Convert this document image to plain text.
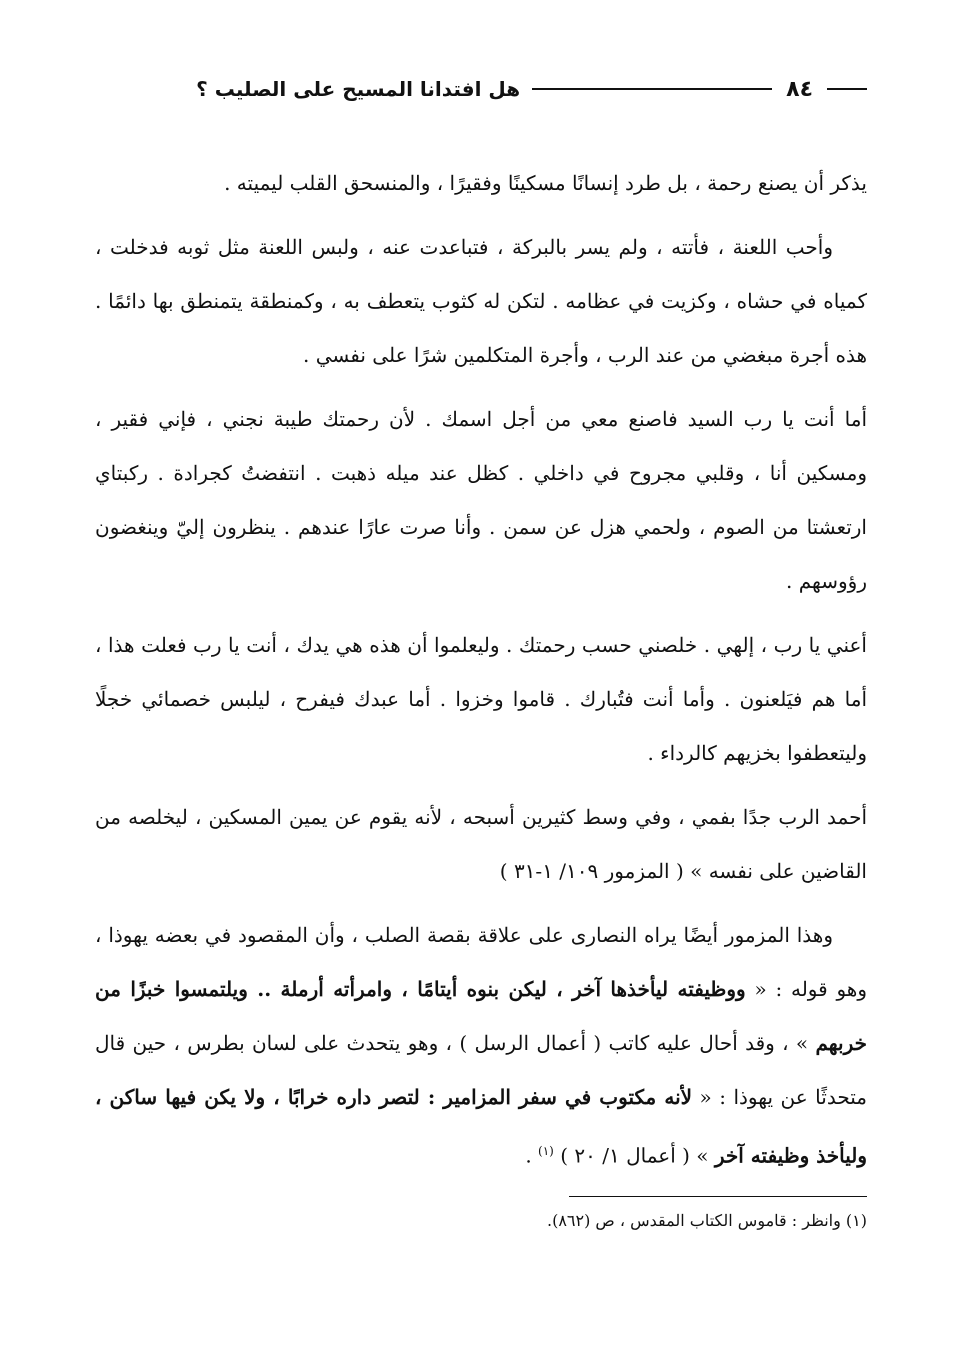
٨٤
هل افتدانا المسيح على الصليب ؟

يذكر أن يصنع رحمة ، بل طرد إنسانًا مسكينًا وفقيرًا ، والمنسحق القلب ليميته .

وأحب اللعنة ، فأتته ، ولم يسر بالبركة ، فتباعدت عنه ، ولبس اللعنة مثل ثوبه فدخلت ، كمياه في حشاه ، وكزيت في عظامه . لتكن له كثوب يتعطف به ، وكمنطقة يتمنطق بها دائمًا . هذه أجرة مبغضي من عند الرب ، وأجرة المتكلمين شرًا على نفسي .

أما أنت يا رب السيد فاصنع معي من أجل اسمك . لأن رحمتك طيبة نجني ، فإني فقير ، ومسكين أنا ، وقلبي مجروح في داخلي . كظل عند ميله ذهبت . انتفضتُ كجرادة . ركبتاي ارتعشتا من الصوم ، ولحمي هزل عن سمن . وأنا صرت عارًا عندهم . ينظرون إليّ وينغضون رؤوسهم .

أعني يا رب ، إلهي . خلصني حسب رحمتك . وليعلموا أن هذه هي يدك ، أنت يا رب فعلت هذا ، أما هم فيَلعنون . وأما أنت فتُبارك . قاموا وخزوا . أما عبدك فيفرح ، ليلبس خصمائي خجلًا وليتعطفوا بخزيهم كالرداء .

أحمد الرب جدًا بفمي ، وفي وسط كثيرين أسبحه ، لأنه يقوم عن يمين المسكين ، ليخلصه من القاضين على نفسه » ( المزمور ١٠٩/ ١-٣١ )

وهذا المزمور أيضًا يراه النصارى على علاقة بقصة الصلب ، وأن المقصود في بعضه يهوذا ، وهو قوله : « ووظيفته ليأخذها آخر ، ليكن بنوه أيتامًا ، وامرأته أرملة .. ويلتمسوا خبزًا من خربهم » ، وقد أحال عليه كاتب ( أعمال الرسل ) ، وهو يتحدث على لسان بطرس ، حين قال متحدثًا عن يهوذا : « لأنه مكتوب في سفر المزامير : لتصر داره خرابًا ، ولا يكن فيها ساكن ، وليأخذ وظيفته آخر » ( أعمال ١/ ٢٠ ) $^{(١)}$ .

(١) وانظر : قاموس الكتاب المقدس ، ص (٨٦٢).
